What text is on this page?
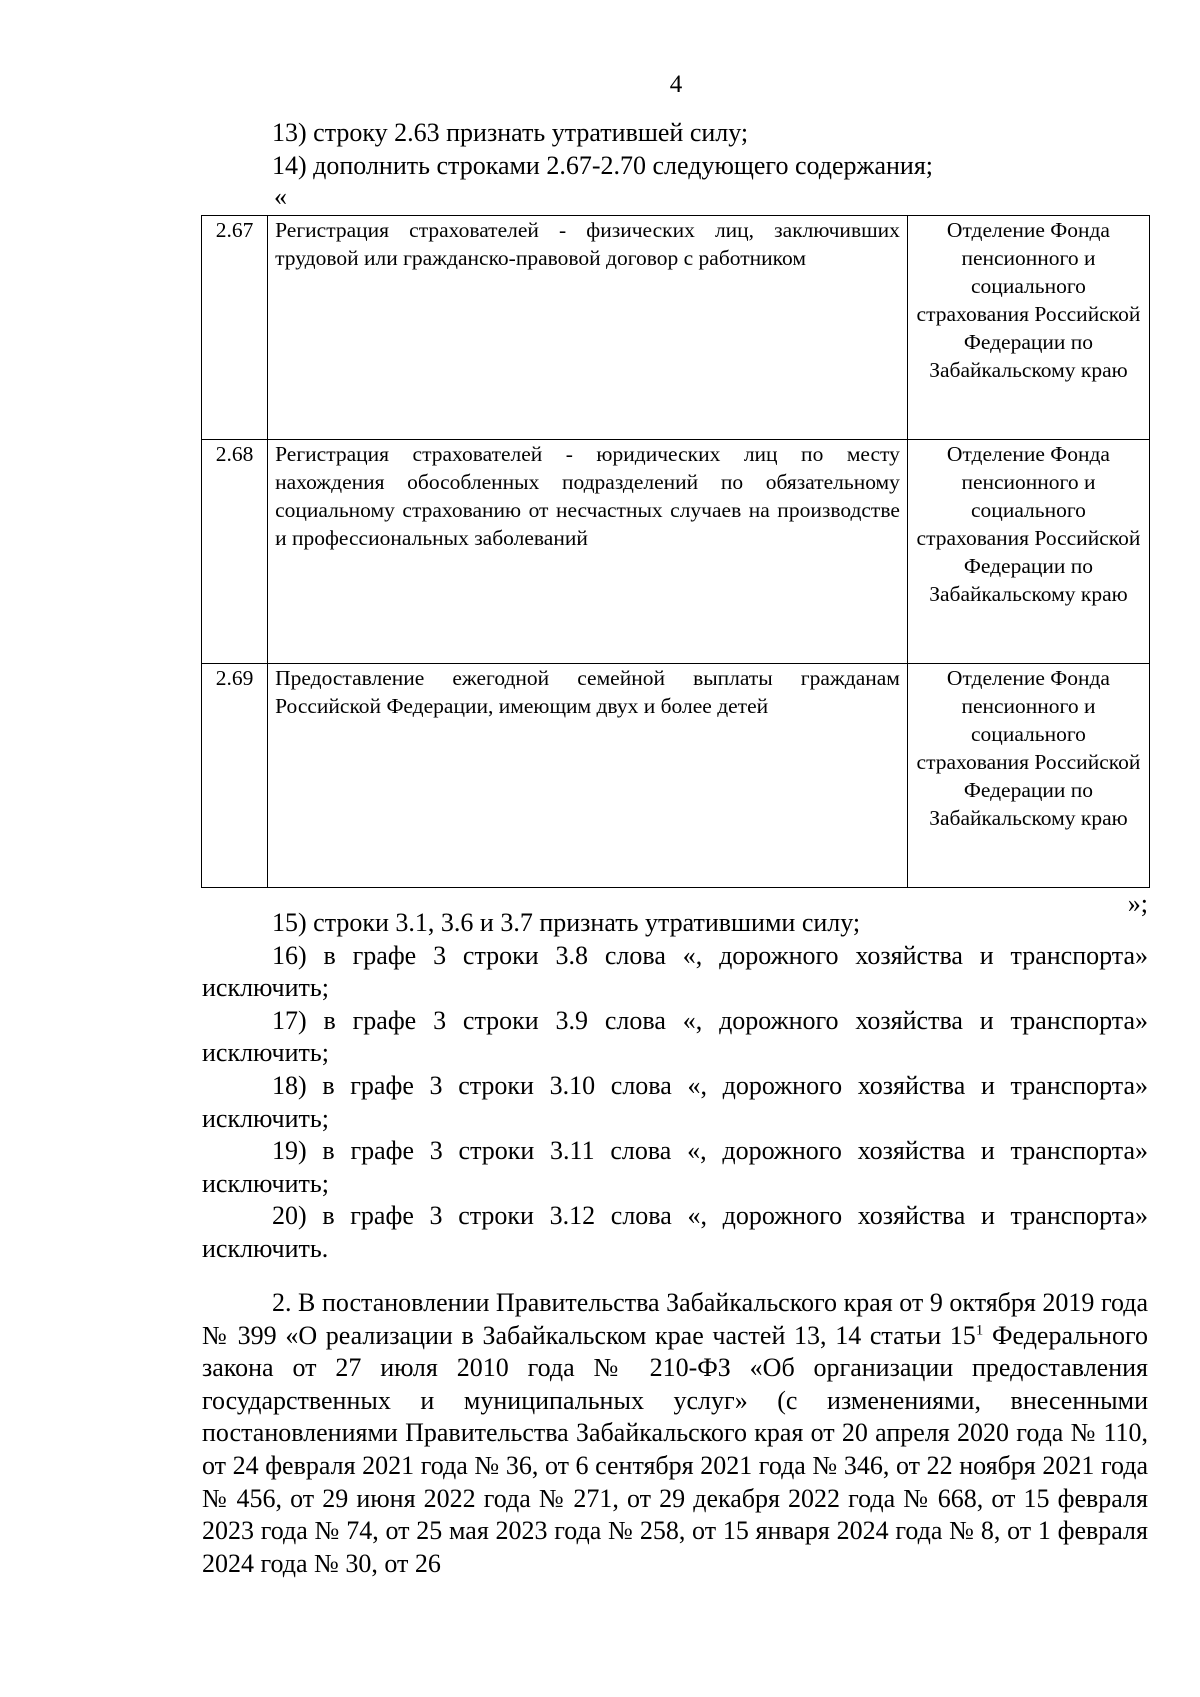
4

13) строку 2.63 признать утратившей силу;

14) дополнить строками 2.67-2.70 следующего содержания;

«
2.67	Регистрация страхователей - физических лиц, заключивших трудовой или гражданско-правовой договор с работником	Отделение Фонда пенсионного и социального страхования Российской Федерации по Забайкальскому краю
2.68	Регистрация страхователей - юридических лиц по месту нахождения обособленных подразделений по обязательному социальному страхованию от несчастных случаев на производстве и профессиональных заболеваний	Отделение Фонда пенсионного и социального страхования Российской Федерации по Забайкальскому краю
2.69	Предоставление ежегодной семейной выплаты гражданам Российской Федерации, имеющим двух и более детей	Отделение Фонда пенсионного и социального страхования Российской Федерации по Забайкальскому краю
»;

15) строки 3.1, 3.6 и 3.7 признать утратившими силу;

16) в графе 3 строки 3.8 слова «, дорожного хозяйства и транспорта» исключить;

17) в графе 3 строки 3.9 слова «, дорожного хозяйства и транспорта» исключить;

18) в графе 3 строки 3.10 слова «, дорожного хозяйства и транспорта» исключить;

19) в графе 3 строки 3.11 слова «, дорожного хозяйства и транспорта» исключить;

20) в графе 3 строки 3.12 слова «, дорожного хозяйства и транспорта» исключить.

2. В постановлении Правительства Забайкальского края от 9 октября 2019 года № 399 «О реализации в Забайкальском крае частей 13, 14 статьи $15^1$ Федерального закона от 27 июля 2010 года № 210-ФЗ «Об организации предоставления государственных и муниципальных услуг» (с изменениями, внесенными постановлениями Правительства Забайкальского края от 20 апреля 2020 года № 110, от 24 февраля 2021 года № 36, от 6 сентября 2021 года № 346, от 22 ноября 2021 года № 456, от 29 июня 2022 года № 271, от 29 декабря 2022 года № 668, от 15 февраля 2023 года № 74, от 25 мая 2023 года № 258, от 15 января 2024 года № 8, от 1 февраля 2024 года № 30, от 26
